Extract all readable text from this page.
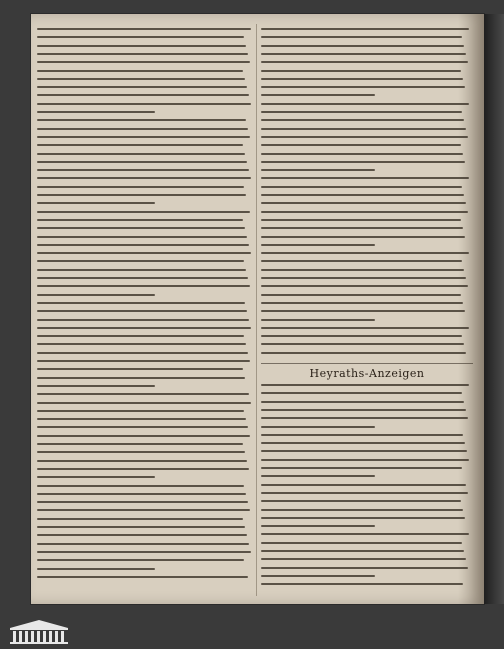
Heyraths-Anzeigen
